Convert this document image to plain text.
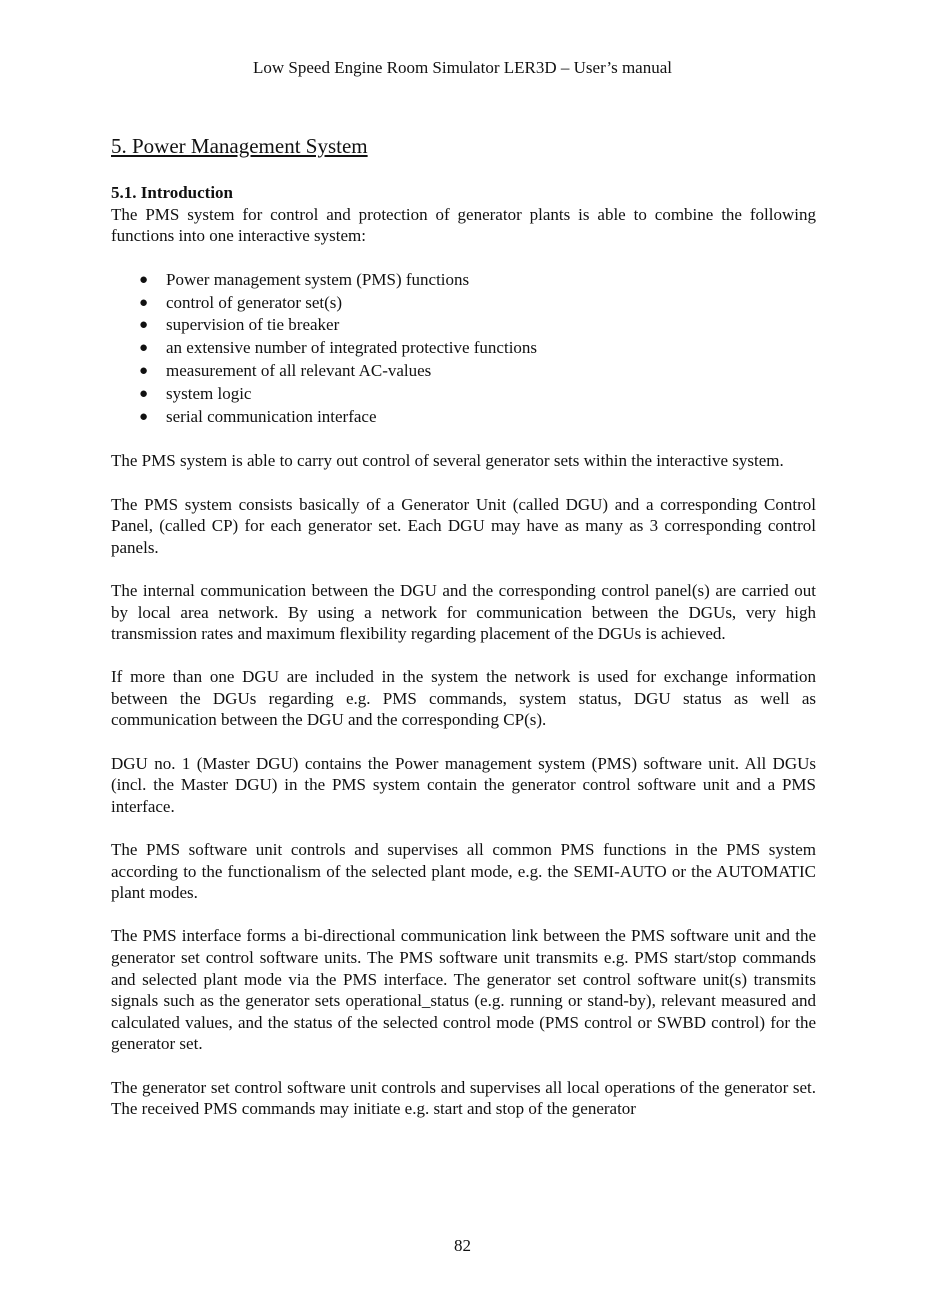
Low Speed Engine Room Simulator LER3D – User’s manual
5. Power Management System
5.1. Introduction

The PMS system for control and protection of generator plants is able to combine the following functions into one interactive system:

● Power management system (PMS) functions
● control of generator set(s)
● supervision of tie breaker
● an extensive number of integrated protective functions
● measurement of all relevant AC-values
● system logic
● serial communication interface

The PMS system is able to carry out control of several generator sets within the interactive system.

The PMS system consists basically of a Generator Unit (called DGU) and a corresponding Control Panel, (called CP) for each generator set. Each DGU may have as many as 3 corresponding control panels.

The internal communication between the DGU and the corresponding control panel(s) are carried out by local area network. By using a network for communication between the DGUs, very high transmission rates and maximum flexibility regarding placement of the DGUs is achieved.

If more than one DGU are included in the system the network is used for exchange information between the DGUs regarding e.g. PMS commands, system status, DGU status as well as communication between the DGU and the corresponding CP(s).

DGU no. 1 (Master DGU) contains the Power management system (PMS) software unit. All DGUs (incl. the Master DGU) in the PMS system contain the generator control software unit and a PMS interface.

The PMS software unit controls and supervises all common PMS functions in the PMS system according to the functionalism of the selected plant mode, e.g. the SEMI-AUTO or the AUTOMATIC plant modes.

The PMS interface forms a bi-directional communication link between the PMS software unit and the generator set control software units. The PMS software unit transmits e.g. PMS start/stop commands and selected plant mode via the PMS interface. The generator set control software unit(s) transmits signals such as the generator sets operational_status (e.g. running or stand-by), relevant measured and calculated values, and the status of the selected control mode (PMS control or SWBD control) for the generator set.

The generator set control software unit controls and supervises all local operations of the generator set. The received PMS commands may initiate e.g. start and stop of the generator

82
